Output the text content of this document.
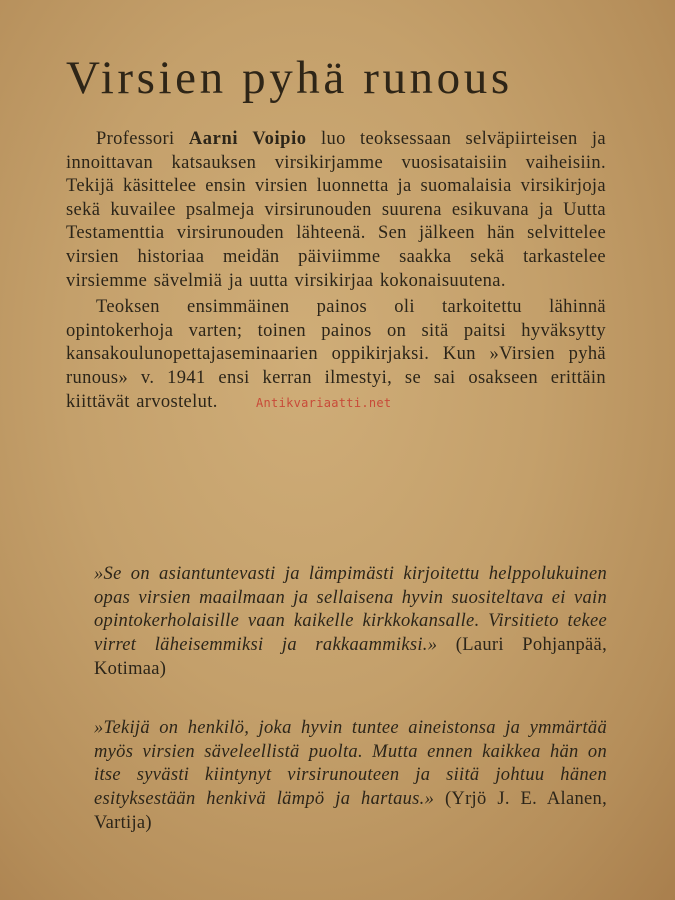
Virsien pyhä runous

Professori Aarni Voipio luo teoksessaan selväpiirteisen ja innoittavan katsauksen virsikirjamme vuosisataisiin vaiheisiin. Tekijä käsittelee ensin virsien luonnetta ja suomalaisia virsikirjoja sekä kuvailee psalmeja virsirunouden suurena esikuvana ja Uutta Testamenttia virsirunouden lähteenä. Sen jälkeen hän selvittelee virsien historiaa meidän päiviimme saakka sekä tarkastelee virsiemme sävelmiä ja uutta virsikirjaa kokonaisuutena.

Teoksen ensimmäinen painos oli tarkoitettu lähinnä opintokerhoja varten; toinen painos on sitä paitsi hyväksytty kansakoulunopettajaseminaarien oppikirjaksi. Kun »Virsien pyhä runous» v. 1941 ensi kerran ilmestyi, se sai osakseen erittäin kiittävät arvostelut.	Antikvariaatti.net

»Se on asiantuntevasti ja lämpimästi kirjoitettu helppolukuinen opas virsien maailmaan ja sellaisena hyvin suositeltava ei vain opintokerholaisille vaan kaikelle kirkkokansalle. Virsitieto tekee virret läheisemmiksi ja rakkaammiksi.» (Lauri Pohjanpää, Kotimaa)

»Tekijä on henkilö, joka hyvin tuntee aineistonsa ja ymmärtää myös virsien säveleellistä puolta. Mutta ennen kaikkea hän on itse syvästi kiintynyt virsirunouteen ja siitä johtuu hänen esityksestään henkivä lämpö ja hartaus.» (Yrjö J. E. Alanen, Vartija)
